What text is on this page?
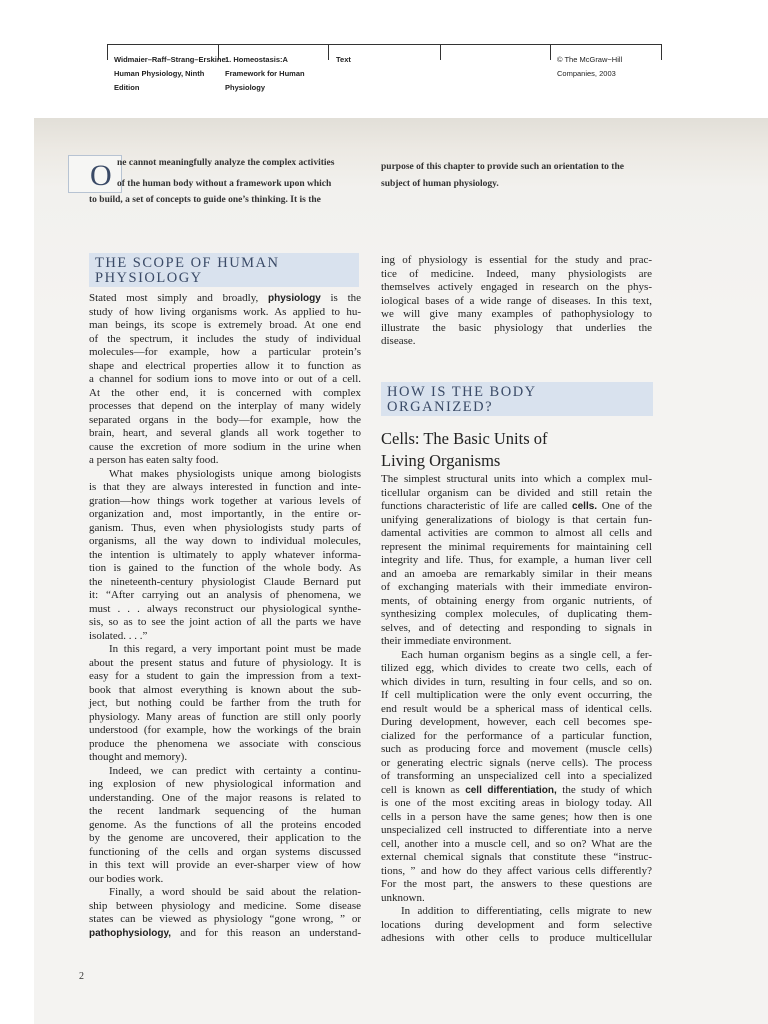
Widmaier–Raff–Strang–Erskine:
Human Physiology, Ninth
Edition
1. Homeostasis:A
Framework for Human
Physiology
Text	© The McGraw−Hill
Companies, 2003
O ne cannot meaningfully analyze the complex activities
of the human body without a framework upon which
to build, a set of concepts to guide one’s thinking. It is the
purpose of this chapter to provide such an orientation to the
subject of human physiology.
THE SCOPE OF HUMAN
PHYSIOLOGY
Stated most simply and broadly, physiology is the
study of how living organisms work. As applied to hu-
man beings, its scope is extremely broad. At one end
of the spectrum, it includes the study of individual
molecules—for example, how a particular protein’s
shape and electrical properties allow it to function as
a channel for sodium ions to move into or out of a cell.
At the other end, it is concerned with complex
processes that depend on the interplay of many widely
separated organs in the body—for example, how the
brain, heart, and several glands all work together to
cause the excretion of more sodium in the urine when
a person has eaten salty food.
What makes physiologists unique among biologists
is that they are always interested in function and inte-
gration—how things work together at various levels of
organization and, most importantly, in the entire or-
ganism. Thus, even when physiologists study parts of
organisms, all the way down to individual molecules,
the intention is ultimately to apply whatever informa-
tion is gained to the function of the whole body. As
the nineteenth-century physiologist Claude Bernard put
it: “After carrying out an analysis of phenomena, we
must . . . always reconstruct our physiological synthe-
sis, so as to see the joint action of all the parts we have
isolated. . . .”
In this regard, a very important point must be made
about the present status and future of physiology. It is
easy for a student to gain the impression from a text-
book that almost everything is known about the sub-
ject, but nothing could be farther from the truth for
physiology. Many areas of function are still only poorly
understood (for example, how the workings of the brain
produce the phenomena we associate with conscious
thought and memory).
Indeed, we can predict with certainty a continu-
ing explosion of new physiological information and
understanding. One of the major reasons is related to
the recent landmark sequencing of the human
genome. As the functions of all the proteins encoded
by the genome are uncovered, their application to the
functioning of the cells and organ systems discussed
in this text will provide an ever-sharper view of how
our bodies work.
Finally, a word should be said about the relation-
ship between physiology and medicine. Some disease
states can be viewed as physiology “gone wrong, ” or
pathophysiology, and for this reason an understand-
ing of physiology is essential for the study and prac-
tice of medicine. Indeed, many physiologists are
themselves actively engaged in research on the phys-
iological bases of a wide range of diseases. In this text,
we will give many examples of pathophysiology to
illustrate the basic physiology that underlies the
disease.
HOW IS THE BODY
ORGANIZED?
Cells: The Basic Units of
Living Organisms
The simplest structural units into which a complex mul-
ticellular organism can be divided and still retain the
functions characteristic of life are called cells. One of the
unifying generalizations of biology is that certain fun-
damental activities are common to almost all cells and
represent the minimal requirements for maintaining cell
integrity and life. Thus, for example, a human liver cell
and an amoeba are remarkably similar in their means
of exchanging materials with their immediate environ-
ments, of obtaining energy from organic nutrients, of
synthesizing complex molecules, of duplicating them-
selves, and of detecting and responding to signals in
their immediate environment.
Each human organism begins as a single cell, a fer-
tilized egg, which divides to create two cells, each of
which divides in turn, resulting in four cells, and so on.
If cell multiplication were the only event occurring, the
end result would be a spherical mass of identical cells.
During development, however, each cell becomes spe-
cialized for the performance of a particular function,
such as producing force and movement (muscle cells)
or generating electric signals (nerve cells). The process
of transforming an unspecialized cell into a specialized
cell is known as cell differentiation, the study of which
is one of the most exciting areas in biology today. All
cells in a person have the same genes; how then is one
unspecialized cell instructed to differentiate into a nerve
cell, another into a muscle cell, and so on? What are the
external chemical signals that constitute these “instruc-
tions, ” and how do they affect various cells differently?
For the most part, the answers to these questions are
unknown.
In addition to differentiating, cells migrate to new
locations during development and form selective
adhesions with other cells to produce multicellular
2
